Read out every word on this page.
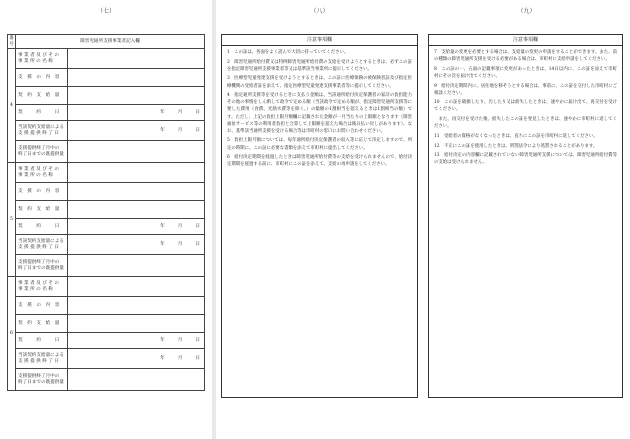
（七）
番号	障害児通所支援事業者記入欄	
4	事 業 者 及 び そ の
事 業 所 の 名 称	
	支　援　の　内　容	
	契　約　支　給　量	
	契　　　約　　　日	年 月 日

	当該契約支給量による
支 援 提 供 終 了 日	年 月 日

	支援提供終了月中の
終了日までの既提供量	
5	事 業 者 及 び そ の
事 業 所 の 名 称	
	支　援　の　内　容	
	契　約　支　給　量	
	契　　　約　　　日	年 月 日

	当該契約支給量による
支 援 提 供 終 了 日	年 月 日

	支援提供終了月中の
終了日までの既提供量	
6	事 業 者 及 び そ の
事 業 所 の 名 称	
	支　援　の　内　容	
	契　約　支　給　量	
	契　　　約　　　日	年 月 日

	当該契約支給量による
支 援 提 供 終 了 日	年 月 日

	支援提供終了月中の
終了日までの既提供量	
（八）
注意事項欄

1　この証は、各面をよく読んで大切に持っていてください。

2　障害児通所給付費又は特例障害児通所給付費の支給を受けようとするときは、必ずこの証を指定障害児通所支援事業者等又は基準該当事業所に提示してください。

3　医療型児童発達支援を受けようとするときは、この証に医療保険の被保険者証及び指定医療機関の受給者証を添えて、指定医療型児童発達支援事業者等に提示してください。

4　指定通所支援等を受けるときに支払う金額は、当該通所給付決定保護者の家計の負担能力その他の事情をしん酌して政令で定める額（当該政令で定める額が、指定障害児通所支援等に要した費用（食費、光熱水費等を除く。）の総額の1割相当を超えるときは1割相当の額）です。ただし、上記の負担上限月額欄に記載された金額が一月当たりの上限額となります（障害福祉サービス等の利用者負担と合算して上限額を超えた場合は後日払い戻しがあります）。なお、基準該当通所支援を受ける場合等は市町村の窓口にお問い合わせください。

5　負担上限月額については、毎年通所給付決定保護者の収入等に応じて決定しますので、所定の時期に、この証に必要な書類を添えて市町村に提出してください。

6　給付決定期間を経過したときは障害児通所給付費等の支給を受けられませんので、給付決定期間を経過する前に、市町村にこの証を添えて、支給の再申請をしてください。

（九）
注意事項欄

7　支給量の変更を必要とする場合は、支給量の変更の申請をすることができます。また、前の種類の障害児通所支援を受ける必要がある場合は、市町村に支給申請をしてください。

8　この証の一、五面の記載事項に変更があったときは、14日以内に、この証を添えて市町村にその旨を届け出てください。

9　給付決定期間内に、居住地を移そうとする場合は、事前に、この証を交付した市町村にご相談ください。

10　この証を破損したり、汚したり又は紛失したときは、速やかに届け出て、再交付を受けてください。

　また、再交付を受けた後、紛失したこの証を発見したときは、速やかに市町村に返してください。

11　受給者の資格がなくなったときは、直ちにこの証を市町村に返してください。

12　不正にこの証を使用したときは、刑罰法令により処罰されることがあります。

13　給付決定の内容欄に記載されていない障害児通所支援については、障害児通所給付費等の支給は受けられません。
